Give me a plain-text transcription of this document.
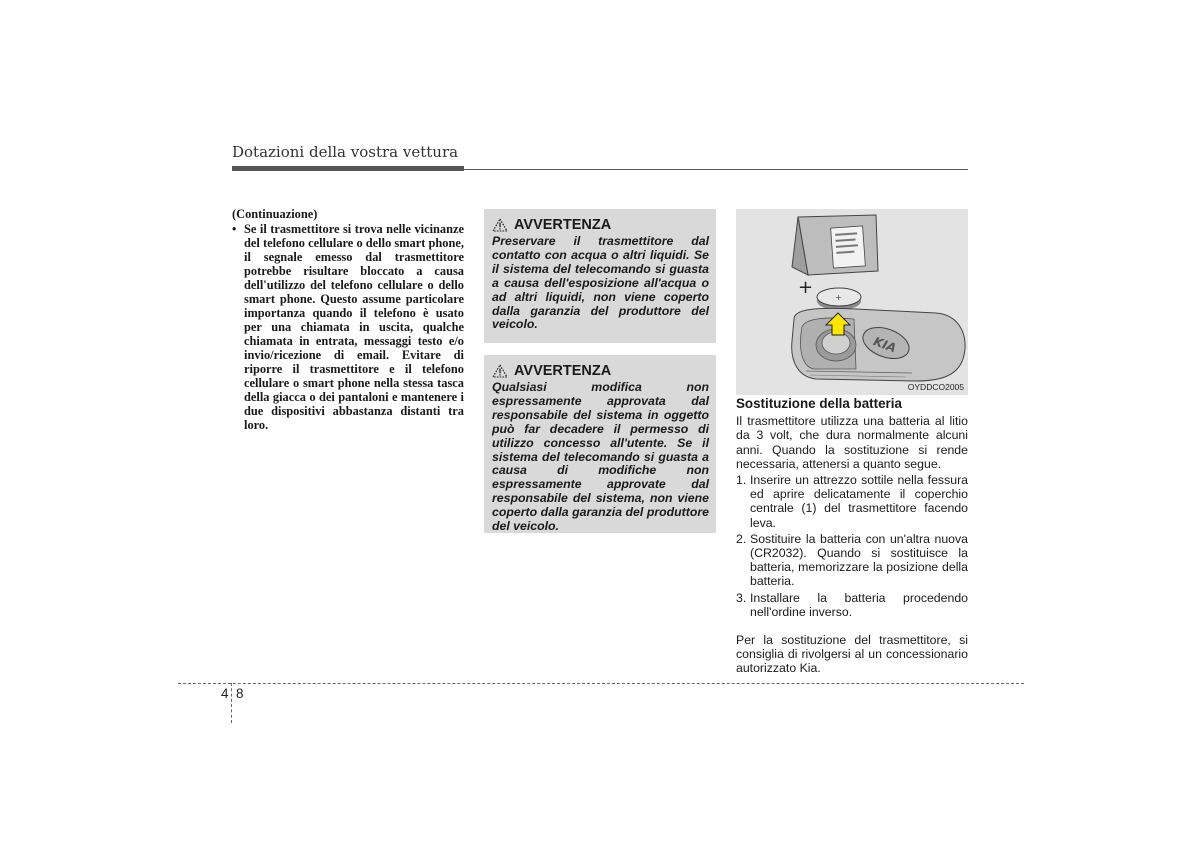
Dotazioni della vostra vettura
(Continuazione)
• Se il trasmettitore si trova nelle vicinanze del telefono cellulare o dello smart phone, il segnale emesso dal trasmettitore potrebbe risultare bloccato a causa dell'utilizzo del telefono cellulare o dello smart phone. Questo assume particolare importanza quando il telefono è usato per una chiamata in uscita, qualche chiamata in entrata, messaggi testo e/o invio/ricezione di email. Evitare di riporre il trasmettitore e il telefono cellulare o smart phone nella stessa tasca della giacca o dei pantaloni e mantenere i due dispositivi abbastanza distanti tra loro.
AVVERTENZA
Preservare il trasmettitore dal contatto con acqua o altri liquidi. Se il sistema del telecomando si guasta a causa dell'esposizione all'acqua o ad altri liquidi, non viene coperto dalla garanzia del produttore del veicolo.
AVVERTENZA
Qualsiasi modifica non espressamente approvata dal responsabile del sistema in oggetto può far decadere il permesso di utilizzo concesso all'utente. Se il sistema del telecomando si guasta a causa di modifiche non espressamente approvate dal responsabile del sistema, non viene coperto dalla garanzia del produttore del veicolo.
+	+
KIA
OYDDCO2005
Sostituzione della batteria

Il trasmettitore utilizza una batteria al litio da 3 volt, che dura normalmente alcuni anni. Quando la sostituzione si rende necessaria, attenersi a quanto segue.

1. Inserire un attrezzo sottile nella fessura ed aprire delicatamente il coperchio centrale (1) del trasmettitore facendo leva.
2. Sostituire la batteria con un'altra nuova (CR2032). Quando si sostituisce la batteria, memorizzare la posizione della batteria.
3. Installare la batteria procedendo nell'ordine inverso.

Per la sostituzione del trasmettitore, si consiglia di rivolgersi al un concessionario autorizzato Kia.

4 8
